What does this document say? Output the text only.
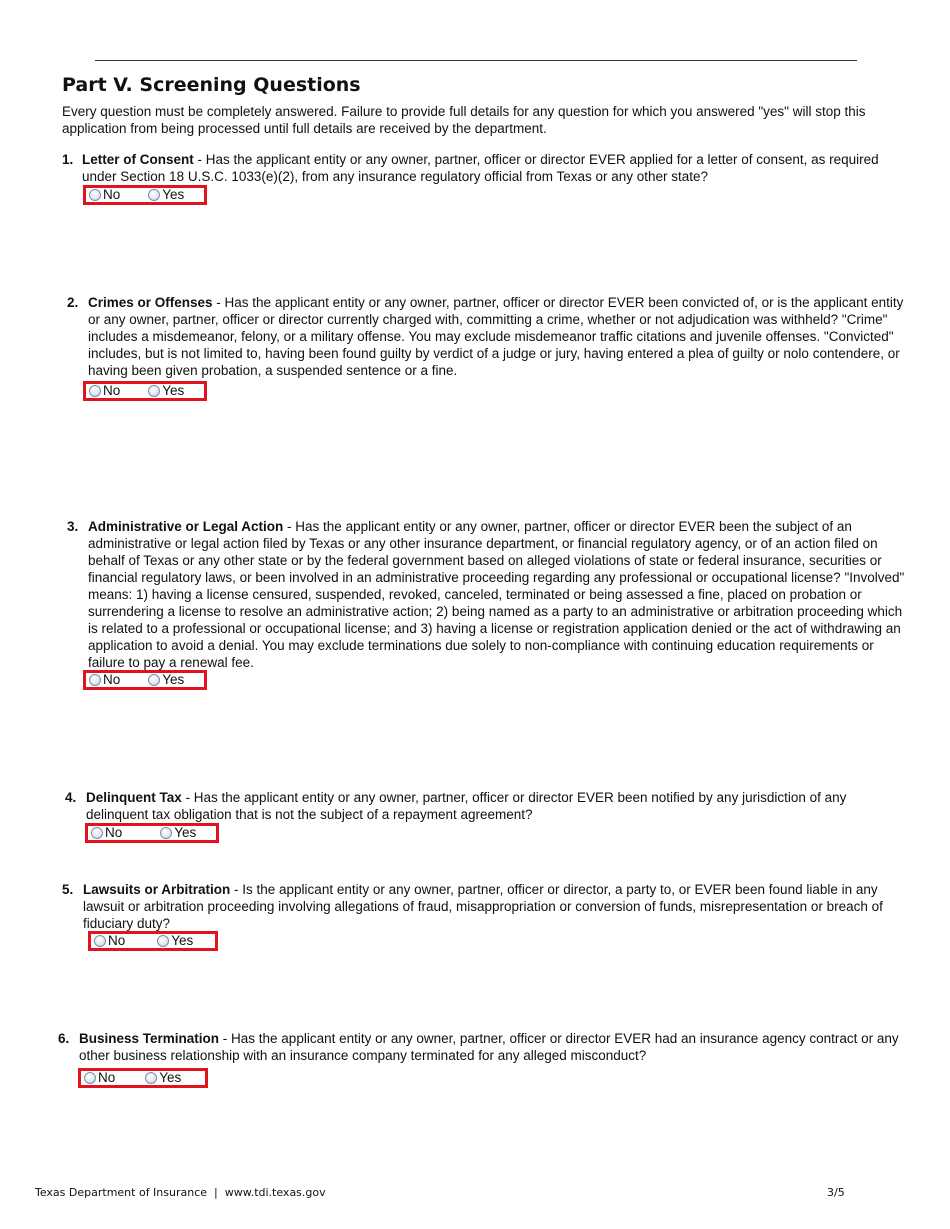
Part V. Screening Questions

Every question must be completely answered. Failure to provide full details for any question for which you answered "yes" will stop this application from being processed until full details are received by the department.

1. Letter of Consent - Has the applicant entity or any owner, partner, officer or director EVER applied for a letter of consent, as required under Section 18 U.S.C. 1033(e)(2), from any insurance regulatory official from Texas or any other state?
No	Yes
2. Crimes or Offenses - Has the applicant entity or any owner, partner, officer or director EVER been convicted of, or is the applicant entity or any owner, partner, officer or director currently charged with, committing a crime, whether or not adjudication was withheld? "Crime" includes a misdemeanor, felony, or a military offense. You may exclude misdemeanor traffic citations and juvenile offenses. "Convicted" includes, but is not limited to, having been found guilty by verdict of a judge or jury, having entered a plea of guilty or nolo contendere, or having been given probation, a suspended sentence or a fine.
No	Yes
3. Administrative or Legal Action - Has the applicant entity or any owner, partner, officer or director EVER been the subject of an administrative or legal action filed by Texas or any other insurance department, or financial regulatory agency, or of an action filed on behalf of Texas or any other state or by the federal government based on alleged violations of state or federal insurance, securities or financial regulatory laws, or been involved in an administrative proceeding regarding any professional or occupational license? "Involved" means: 1) having a license censured, suspended, revoked, canceled, terminated or being assessed a fine, placed on probation or surrendering a license to resolve an administrative action; 2) being named as a party to an administrative or arbitration proceeding which is related to a professional or occupational license; and 3) having a license or registration application denied or the act of withdrawing an application to avoid a denial. You may exclude terminations due solely to non-compliance with continuing education requirements or failure to pay a renewal fee.
No	Yes
4. Delinquent Tax - Has the applicant entity or any owner, partner, officer or director EVER been notified by any jurisdiction of any delinquent tax obligation that is not the subject of a repayment agreement?
No	Yes
5. Lawsuits or Arbitration - Is the applicant entity or any owner, partner, officer or director, a party to, or EVER been found liable in any lawsuit or arbitration proceeding involving allegations of fraud, misappropriation or conversion of funds, misrepresentation or breach of fiduciary duty?
No	Yes
6. Business Termination - Has the applicant entity or any owner, partner, officer or director EVER had an insurance agency contract or any other business relationship with an insurance company terminated for any alleged misconduct?
No	Yes
Texas Department of Insurance  |  www.tdi.texas.gov	3/5
